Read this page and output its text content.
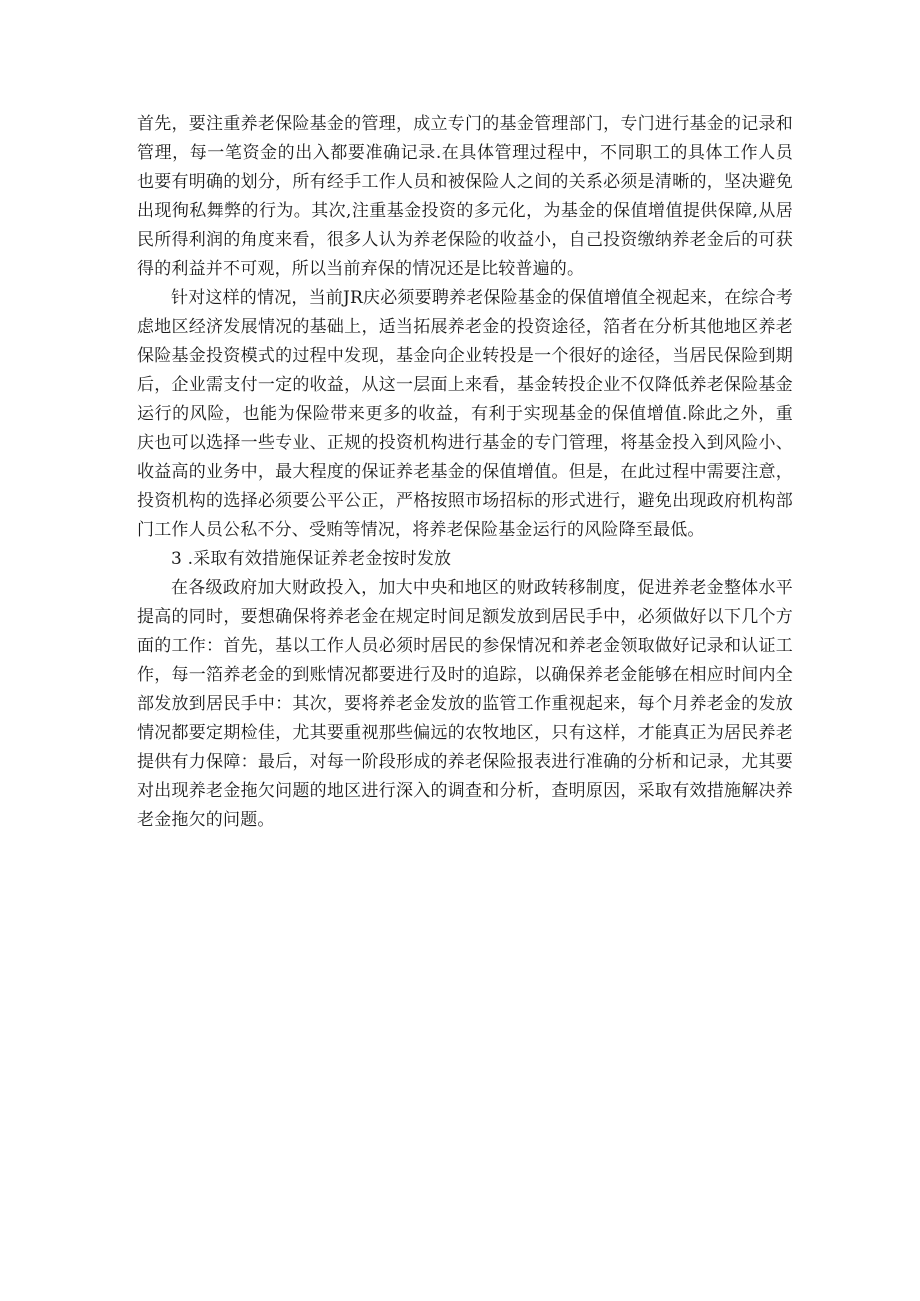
首先，要注重养老保险基金的管理，成立专门的基金管理部门，专门进行基金的记录和管理，每一笔资金的出入都要准确记录.在具体管理过程中，不同职工的具体工作人员也要有明确的划分，所有经手工作人员和被保险人之间的关系必须是清晰的，坚决避免出现徇私舞弊的行为。其次,注重基金投资的多元化，为基金的保值增值提供保障,从居民所得利润的角度来看，很多人认为养老保险的收益小，自己投资缴纳养老金后的可获得的利益并不可观，所以当前弃保的情况还是比较普遍的。

针对这样的情况，当前JR庆必须要聘养老保险基金的保值增值全视起来，在综合考虑地区经济发展情况的基础上，适当拓展养老金的投资途径，箔者在分析其他地区养老保险基金投资模式的过程中发现，基金向企业转投是一个很好的途径，当居民保险到期后，企业需支付一定的收益，从这一层面上来看，基金转投企业不仅降低养老保险基金运行的风险，也能为保险带来更多的收益，有利于实现基金的保值增值.除此之外，重庆也可以选择一些专业、正规的投资机构进行基金的专门管理，将基金投入到风险小、收益高的业务中，最大程度的保证养老基金的保值增值。但是，在此过程中需要注意，投资机构的选择必须要公平公正，严格按照市场招标的形式进行，避免出现政府机构部门工作人员公私不分、受贿等情况，将养老保险基金运行的风险降至最低。

3 .采取有效措施保证养老金按时发放

在各级政府加大财政投入，加大中央和地区的财政转移制度，促进养老金整体水平提高的同时，要想确保将养老金在规定时间足额发放到居民手中，必须做好以下几个方面的工作：首先，基以工作人员必须时居民的参保情况和养老金领取做好记录和认证工作，每一箔养老金的到账情况都要进行及时的追踪，以确保养老金能够在相应时间内全部发放到居民手中：其次，要将养老金发放的监管工作重视起来，每个月养老金的发放情况都要定期检佳，尤其要重视那些偏远的农牧地区，只有这样，才能真正为居民养老提供有力保障：最后，对每一阶段形成的养老保险报表进行准确的分析和记录，尤其要对出现养老金拖欠问题的地区进行深入的调查和分析，查明原因，采取有效措施解决养老金拖欠的问题。
